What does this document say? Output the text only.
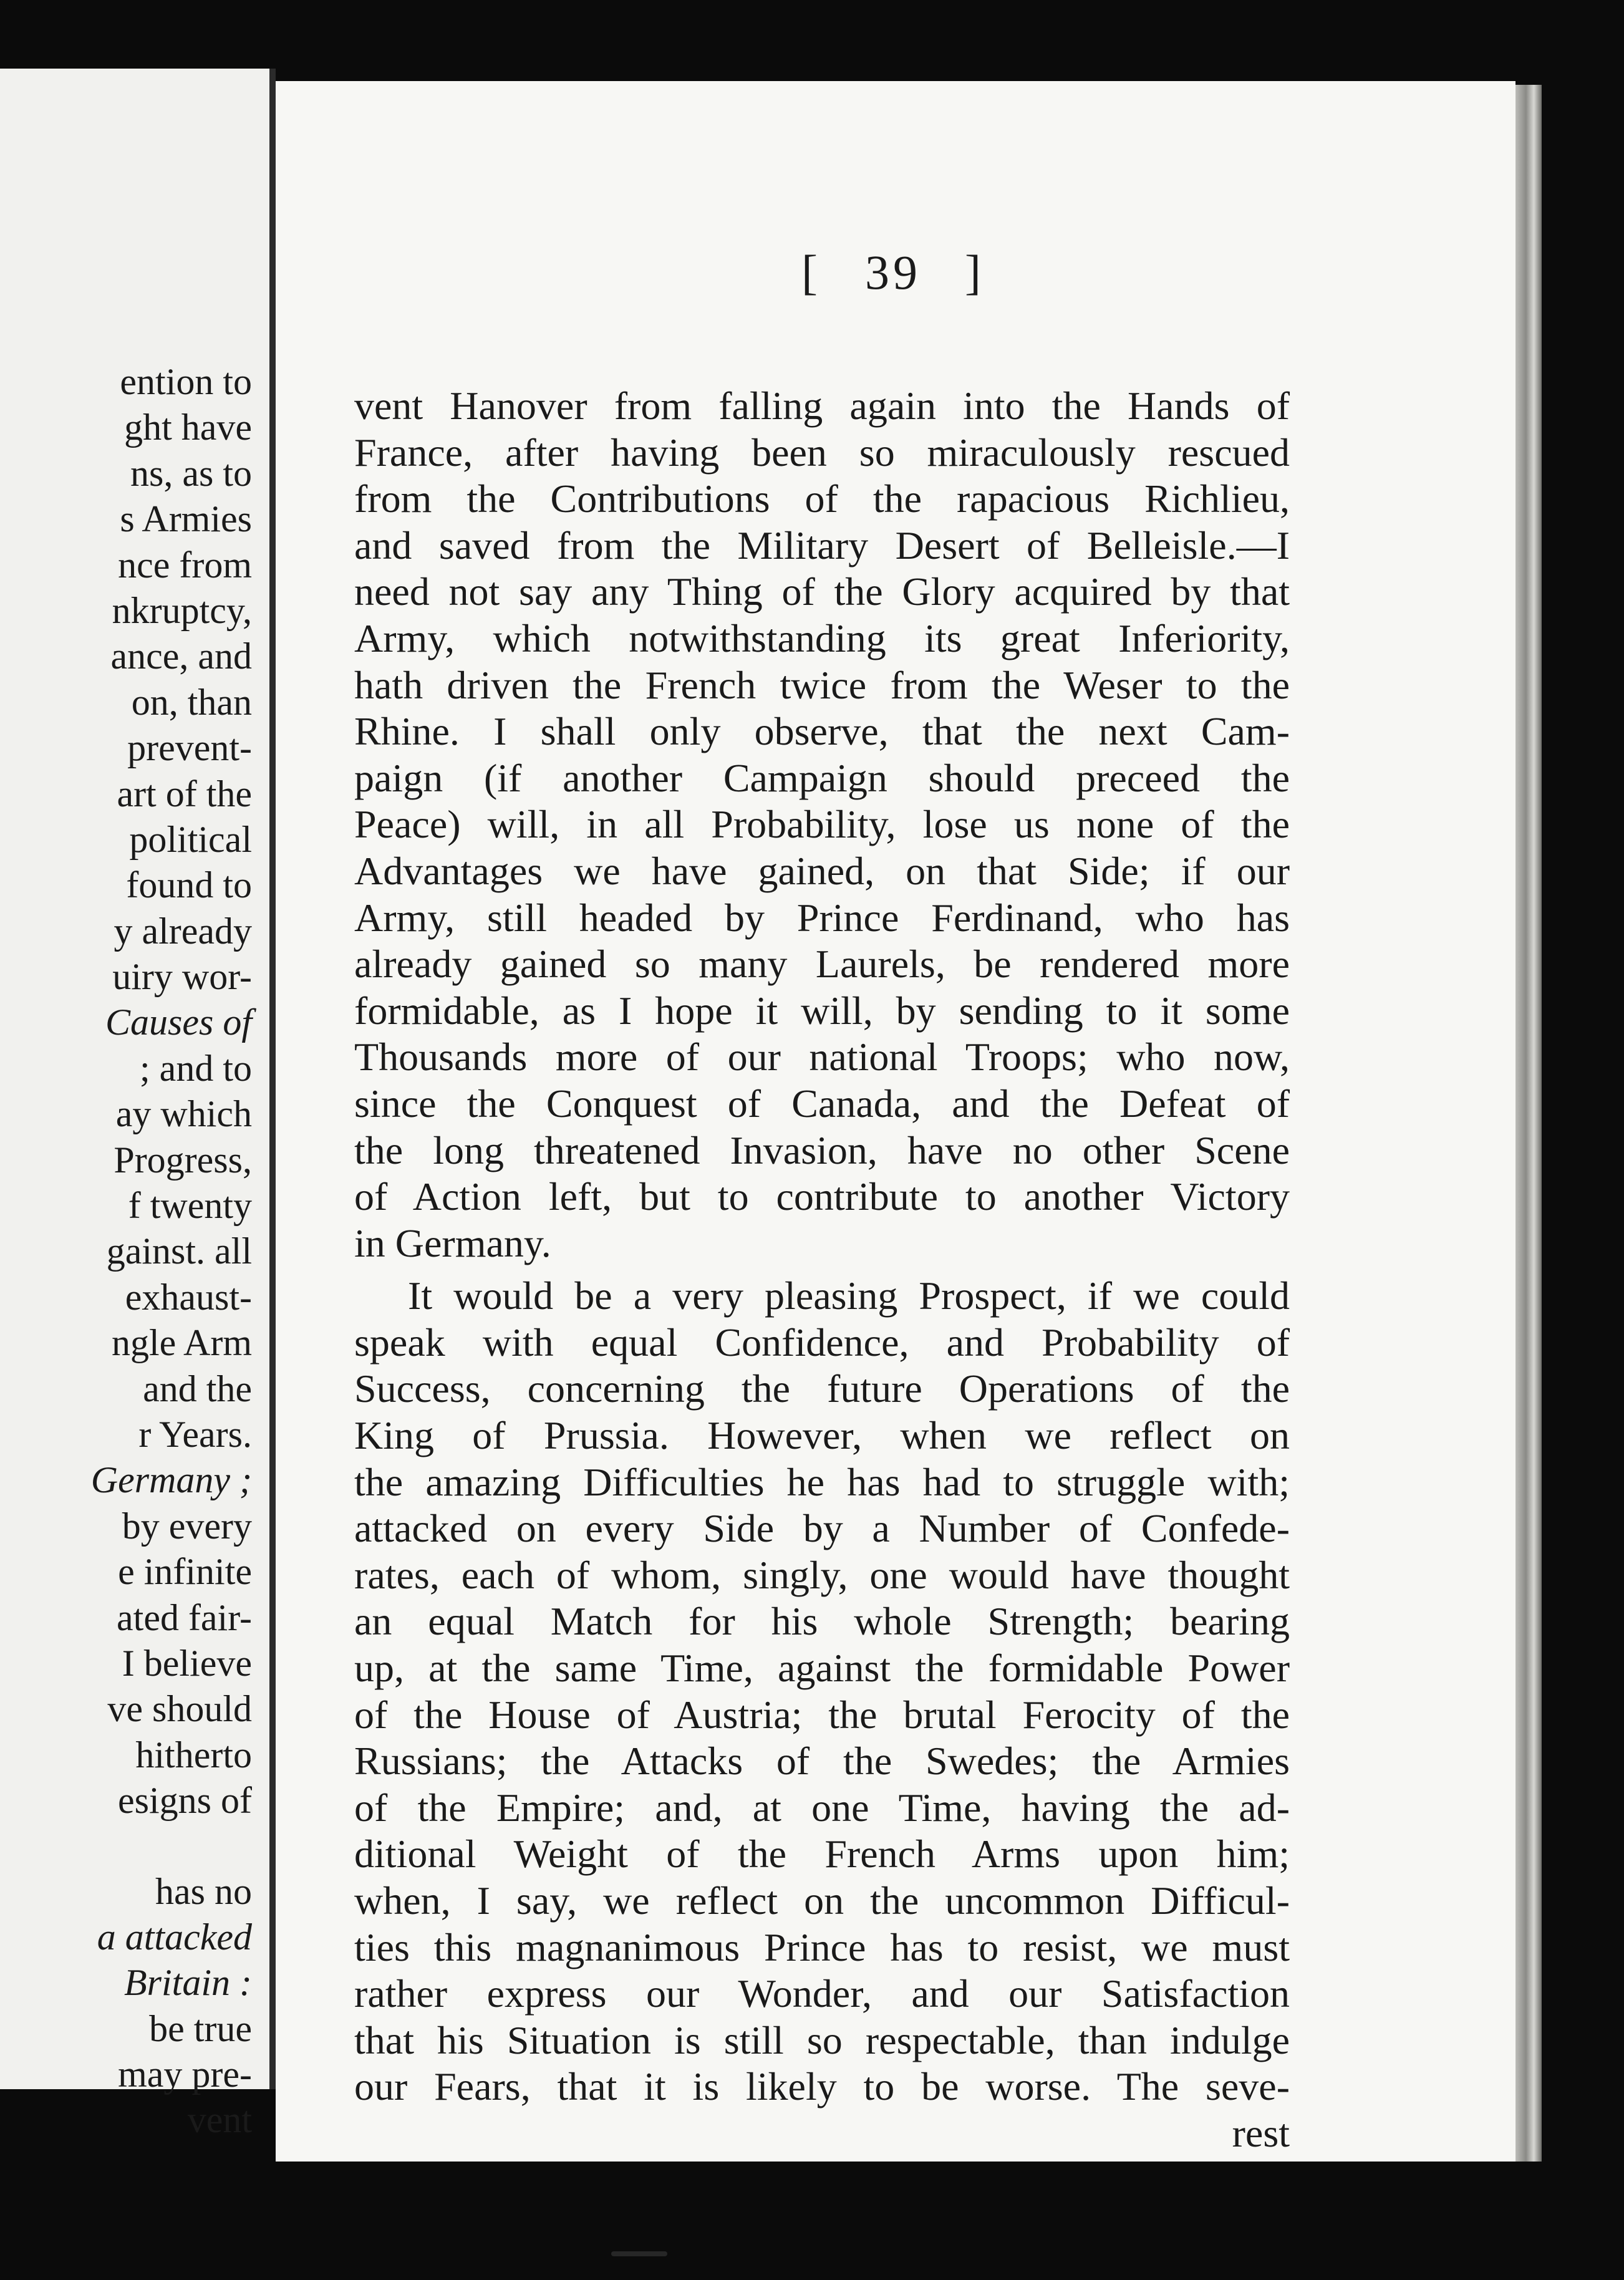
ention to
ght have
ns, as to
s Armies
nce from
nkruptcy,
ance, and
on, than
prevent-
art of the
political
found to
y already
uiry wor-
Causes of
; and to
ay which
Progress,
f twenty
gainst. all
exhaust-
ngle Arm
and the
r Years.
Germany ;
by every
e infinite
ated fair-
I believe
ve should
hitherto
esigns of
has no
a attacked
Britain :
be true
may pre-
vent
[ 39 ]
vent Hanover from falling again into the Hands of
France, after having been so miraculously rescued
from the Contributions of the rapacious Richlieu,
and saved from the Military Desert of Belleisle.—I
need not say any Thing of the Glory acquired by that
Army, which notwithstanding its great Inferiority,
hath driven the French twice from the Weser to the
Rhine. I shall only observe, that the next Cam-
paign (if another Campaign should preceed the
Peace) will, in all Probability, lose us none of the
Advantages we have gained, on that Side; if our
Army, still headed by Prince Ferdinand, who has
already gained so many Laurels, be rendered more
formidable, as I hope it will, by sending to it some
Thousands more of our national Troops; who now,
since the Conquest of Canada, and the Defeat of
the long threatened Invasion, have no other Scene
of Action left, but to contribute to another Victory
in Germany.
It would be a very pleasing Prospect, if we could
speak with equal Confidence, and Probability of
Success, concerning the future Operations of the
King of Prussia. However, when we reflect on
the amazing Difficulties he has had to struggle with;
attacked on every Side by a Number of Confede-
rates, each of whom, singly, one would have thought
an equal Match for his whole Strength; bearing
up, at the same Time, against the formidable Power
of the House of Austria; the brutal Ferocity of the
Russians; the Attacks of the Swedes; the Armies
of the Empire; and, at one Time, having the ad-
ditional Weight of the French Arms upon him;
when, I say, we reflect on the uncommon Difficul-
ties this magnanimous Prince has to resist, we must
rather express our Wonder, and our Satisfaction
that his Situation is still so respectable, than indulge
our Fears, that it is likely to be worse. The seve-
rest
